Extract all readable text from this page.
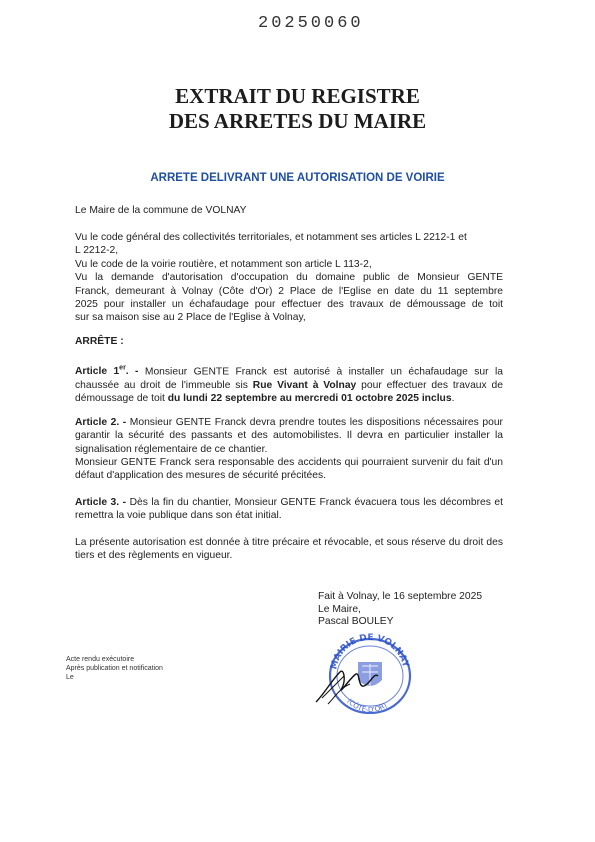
20250060
EXTRAIT DU REGISTRE
DES ARRETES DU MAIRE
ARRETE DELIVRANT UNE AUTORISATION DE VOIRIE
Le Maire de la commune de VOLNAY
Vu le code général des collectivités territoriales, et notamment ses articles L 2212-1 et
L 2212-2,
Vu le code de la voirie routière, et notamment son article L 113-2,
Vu la demande d'autorisation d'occupation du domaine public de Monsieur GENTE
Franck, demeurant à Volnay (Côte d'Or) 2 Place de l'Eglise en date du 11 septembre
2025 pour installer un échafaudage pour effectuer des travaux de démoussage de toit
sur sa maison sise au 2 Place de l'Eglise à Volnay,
ARRÊTE :
Article 1er. - Monsieur GENTE Franck est autorisé à installer un échafaudage sur la chaussée au droit de l'immeuble sis Rue Vivant à Volnay pour effectuer des travaux de démoussage de toit du lundi 22 septembre au mercredi 01 octobre 2025 inclus.
Article 2. - Monsieur GENTE Franck devra prendre toutes les dispositions nécessaires pour garantir la sécurité des passants et des automobilistes. Il devra en particulier installer la signalisation réglementaire de ce chantier.
Monsieur GENTE Franck sera responsable des accidents qui pourraient survenir du fait d'un défaut d'application des mesures de sécurité précitées.
Article 3. - Dès la fin du chantier, Monsieur GENTE Franck évacuera tous les décombres et remettra la voie publique dans son état initial.
La présente autorisation est donnée à titre précaire et révocable, et sous réserve du droit des tiers et des règlements en vigueur.
Fait à Volnay, le 16 septembre 2025
Le Maire,
Pascal BOULEY
Acte rendu exécutoire
Après publication et notification
Le
MAIRIE DE VOLNAY
(CÔTE-D'OR)
